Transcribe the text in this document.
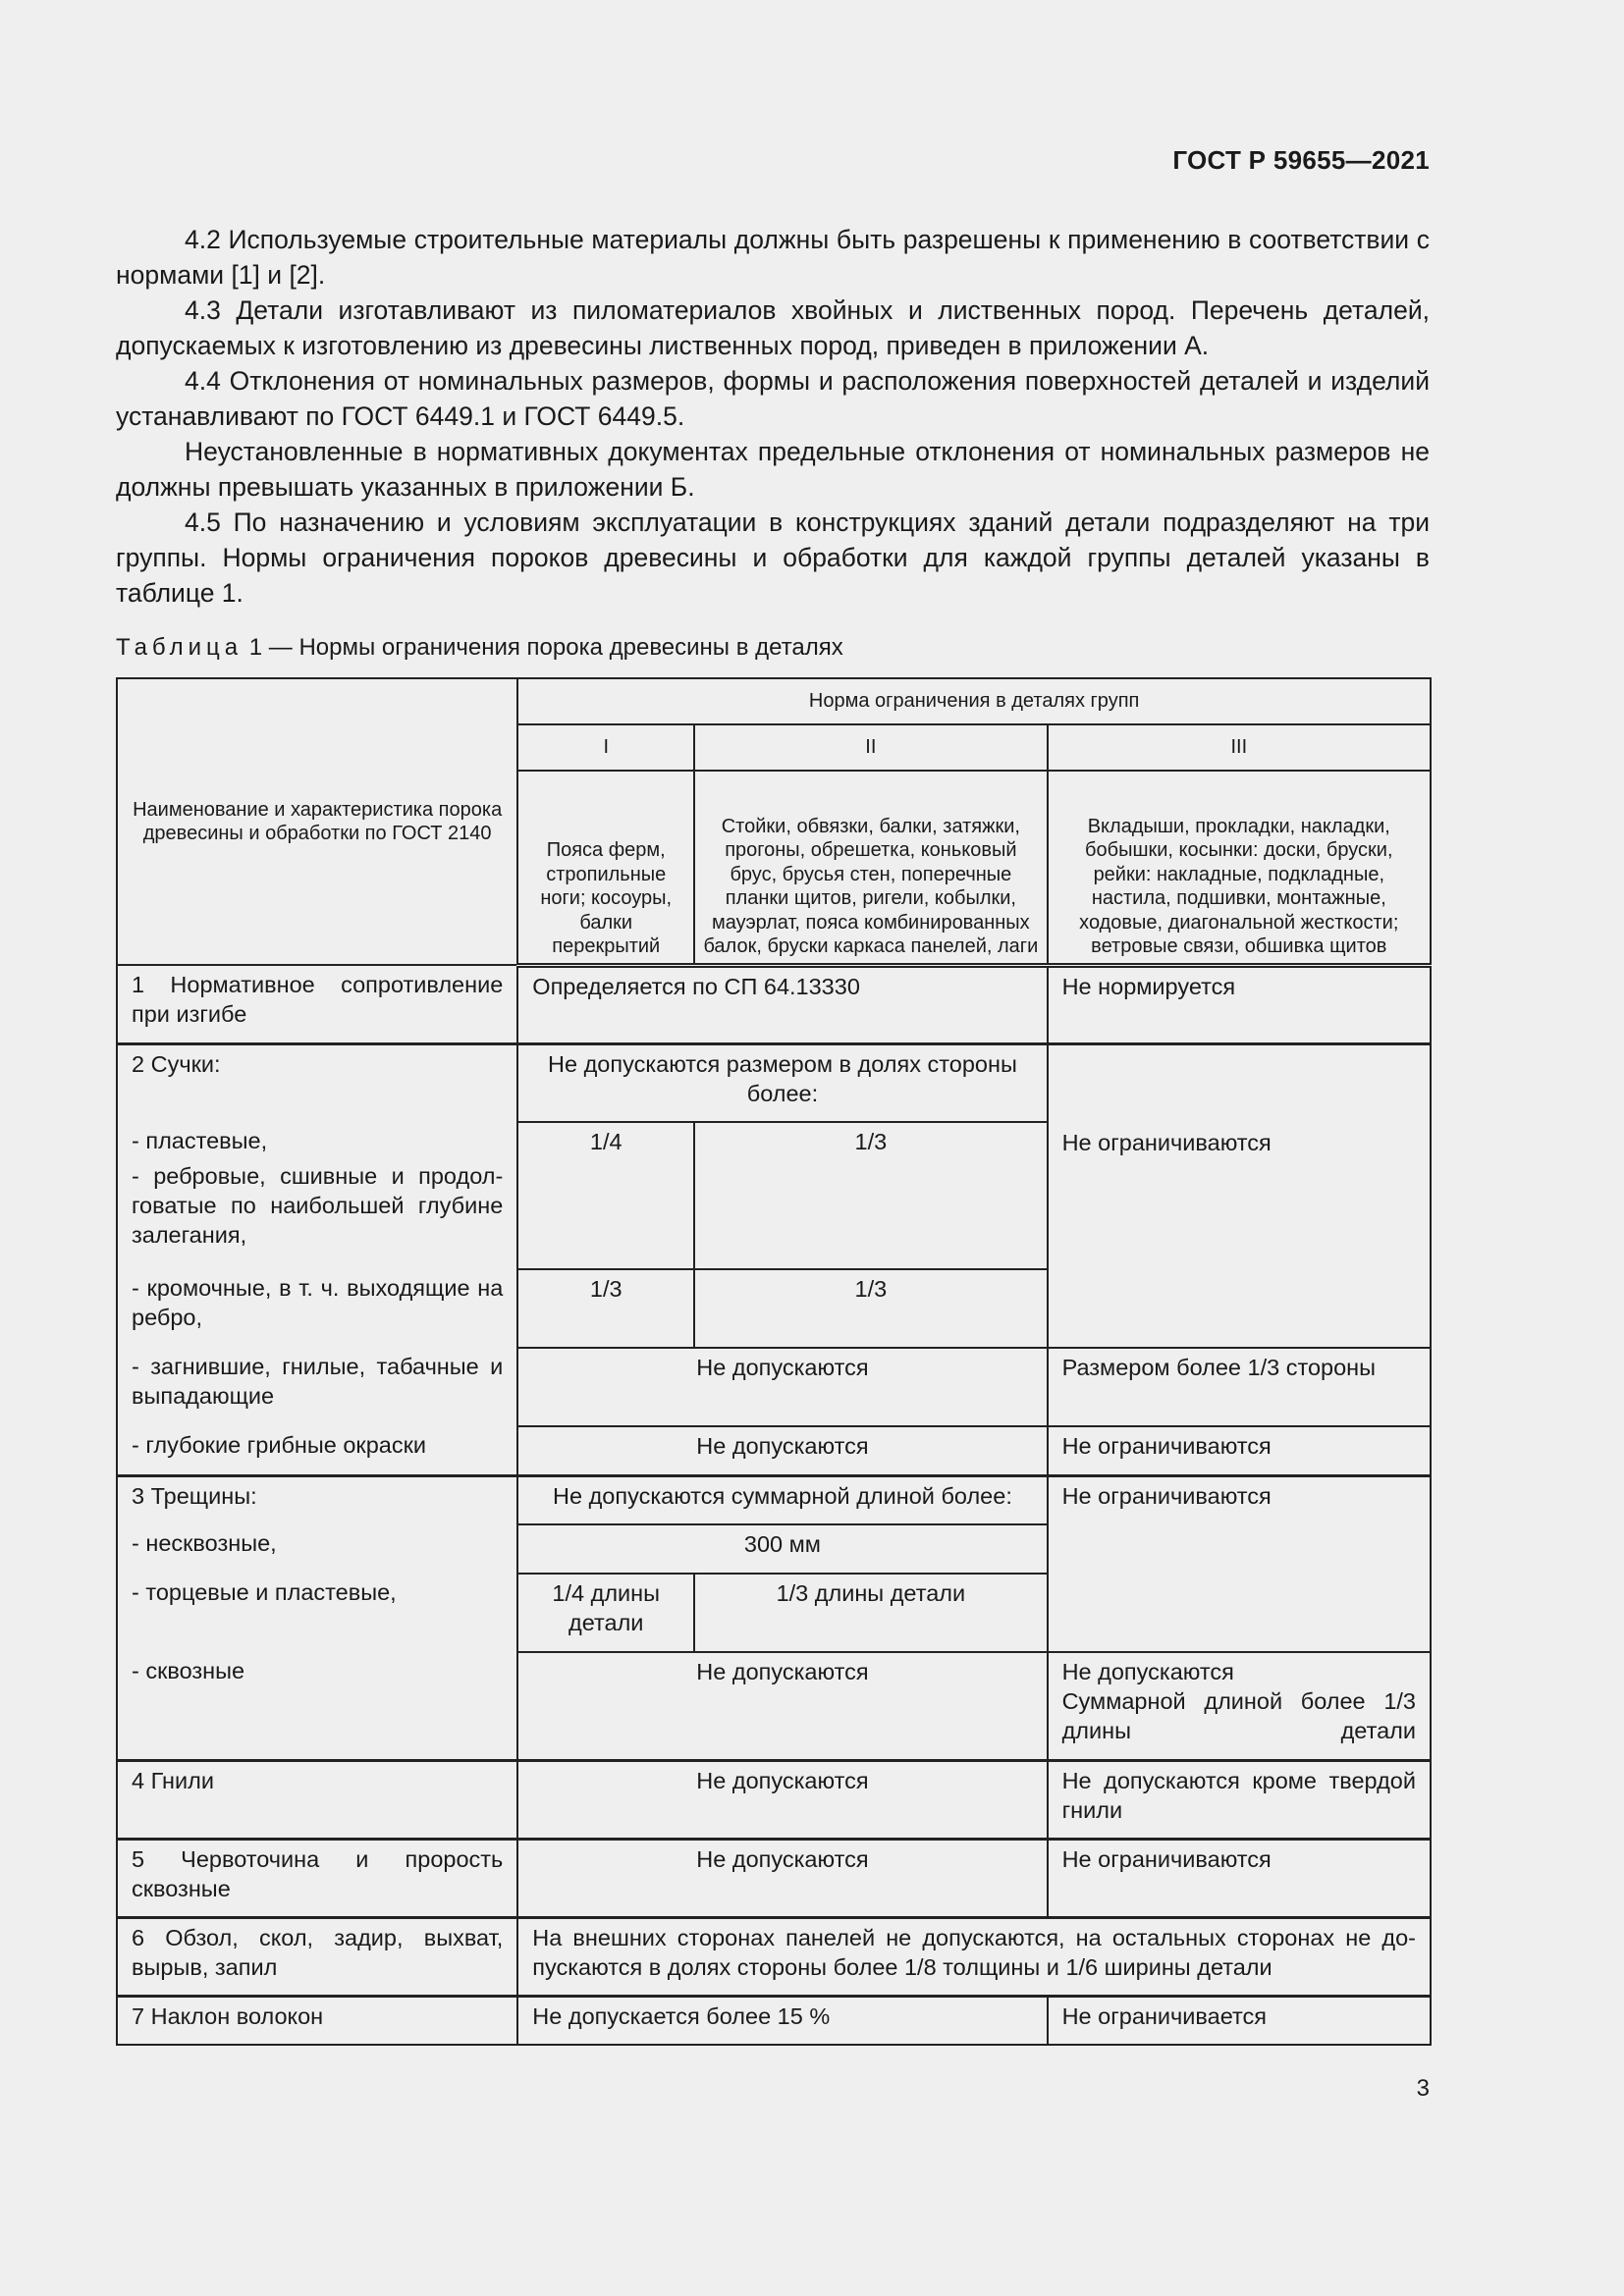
ГОСТ Р 59655—2021

4.2 Используемые строительные материалы должны быть разрешены к применению в соответствии с нормами [1] и [2].

4.3 Детали изготавливают из пиломатериалов хвойных и лиственных пород. Перечень деталей, допускаемых к изготовлению из древесины лиственных пород, приведен в приложении А.

4.4 Отклонения от номинальных размеров, формы и расположения поверхностей деталей и изделий устанавливают по ГОСТ 6449.1 и ГОСТ 6449.5.

Неустановленные в нормативных документах предельные отклонения от номинальных размеров не должны превышать указанных в приложении Б.

4.5 По назначению и условиям эксплуатации в конструкциях зданий детали подразделяют на три группы. Нормы ограничения пороков древесины и обработки для каждой группы деталей указаны в таблице 1.

Таблица 1 — Нормы ограничения порока древесины в деталях
Наименование и характеристика порока древесины и обработки по ГОСТ 2140	Норма ограничения в деталях групп		
	I	II	III
	Пояса ферм, стропильные ноги; косоуры, балки перекрытий	Стойки, обвязки, балки, затяжки, прогоны, обрешетка, коньковый брус, брусья стен, поперечные планки щитов, ригели, кобылки, мауэрлат, пояса комбинированных балок, бруски каркаса панелей, лаги	Вкладыши, прокладки, накладки, бобышки, косынки: доски, бруски, рейки: накладные, подкладные, настила, подшивки, монтажные, ходовые, диагональной жесткости; ветровые связи, обшивка щитов
1 Нормативное сопротивление при изгибе	Определяется по СП 64.13330		Не нормируется
2 Сучки:	Не допускаются размером в долях стороны более:		Не ограничиваются
- пластевые,	1/4	1/3	
- ребровые, сшивные и продолговатые по наибольшей глубине залегания,			
- кромочные, в т. ч. выходящие на ребро,	1/3	1/3	
- загнившие, гнилые, табачные и выпадающие	Не допускаются		Размером более 1/3 стороны
- глубокие грибные окраски	Не допускаются		Не ограничиваются
3 Трещины:	Не допускаются суммарной длиной более:		Не ограничиваются
- несквозные,	300 мм		
- торцевые и пластевые,	1/4 длины детали	1/3 длины детали	
- сквозные	Не допускаются		Не допускаются
Суммарной длиной более 1/3 длины детали

4 Гнили	Не допускаются		Не допускаются кроме твердой гнили

5 Червоточина и прорость сквозные	Не допускаются		Не ограничиваются
6 Обзол, скол, задир, выхват, вырыв, запил	На внешних сторонах панелей не допускаются, на остальных сторонах не допускаются в долях стороны более 1/8 толщины и 1/6 ширины детали		
7 Наклон волокон	Не допускается более 15 %		Не ограничивается
3
